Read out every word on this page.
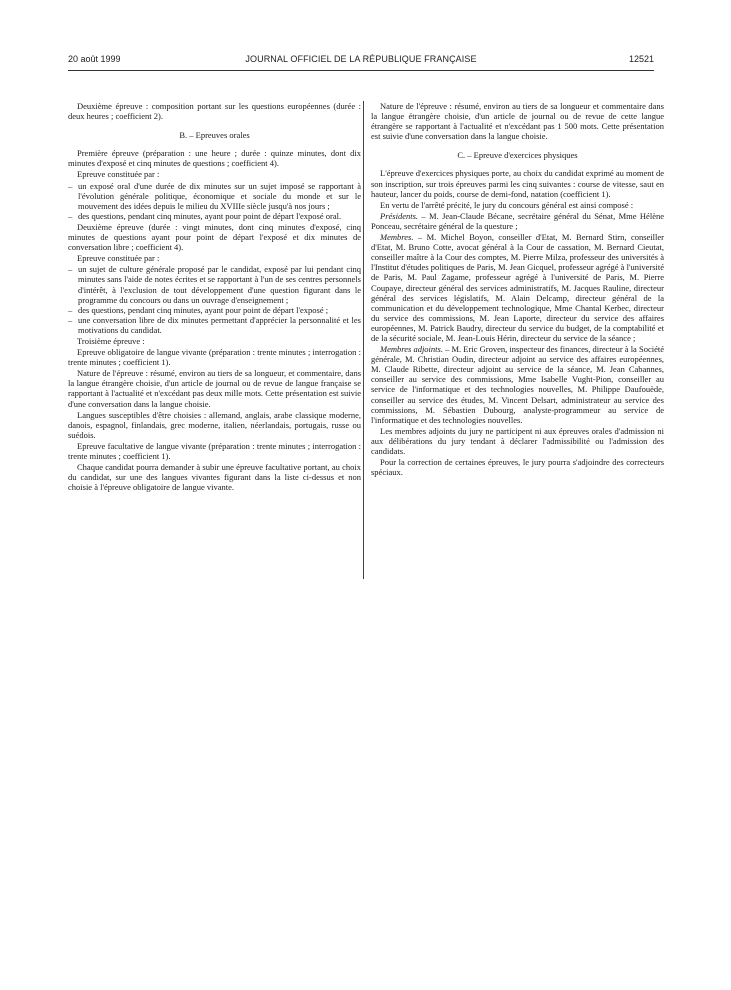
20 août 1999	JOURNAL OFFICIEL DE LA RÉPUBLIQUE FRANÇAISE	12521

Deuxième épreuve : composition portant sur les questions européennes (durée : deux heures ; coefficient 2).

B. – Epreuves orales

Première épreuve (préparation : une heure ; durée : quinze minutes, dont dix minutes d'exposé et cinq minutes de questions ; coefficient 4).

Epreuve constituée par :

– un exposé oral d'une durée de dix minutes sur un sujet imposé se rapportant à l'évolution générale politique, économique et sociale du monde et sur le mouvement des idées depuis le milieu du XVIIIe siècle jusqu'à nos jours ;
– des questions, pendant cinq minutes, ayant pour point de départ l'exposé oral.

Deuxième épreuve (durée : vingt minutes, dont cinq minutes d'exposé, cinq minutes de questions ayant pour point de départ l'exposé et dix minutes de conversation libre ; coefficient 4).

Epreuve constituée par :

– un sujet de culture générale proposé par le candidat, exposé par lui pendant cinq minutes sans l'aide de notes écrites et se rapportant à l'un de ses centres personnels d'intérêt, à l'exclusion de tout développement d'une question figurant dans le programme du concours ou dans un ouvrage d'enseignement ;
– des questions, pendant cinq minutes, ayant pour point de départ l'exposé ;
– une conversation libre de dix minutes permettant d'apprécier la personnalité et les motivations du candidat.

Troisième épreuve :

Epreuve obligatoire de langue vivante (préparation : trente minutes ; interrogation : trente minutes ; coefficient 1).

Nature de l'épreuve : résumé, environ au tiers de sa longueur, et commentaire, dans la langue étrangère choisie, d'un article de journal ou de revue de langue française se rapportant à l'actualité et n'excédant pas deux mille mots. Cette présentation est suivie d'une conversation dans la langue choisie.

Langues susceptibles d'être choisies : allemand, anglais, arabe classique moderne, danois, espagnol, finlandais, grec moderne, italien, néerlandais, portugais, russe ou suédois.

Epreuve facultative de langue vivante (préparation : trente minutes ; interrogation : trente minutes ; coefficient 1).

Chaque candidat pourra demander à subir une épreuve facultative portant, au choix du candidat, sur une des langues vivantes figurant dans la liste ci-dessus et non choisie à l'épreuve obligatoire de langue vivante.

Nature de l'épreuve : résumé, environ au tiers de sa longueur et commentaire dans la langue étrangère choisie, d'un article de journal ou de revue de cette langue étrangère se rapportant à l'actualité et n'excédant pas 1 500 mots. Cette présentation est suivie d'une conversation dans la langue choisie.

C. – Epreuve d'exercices physiques

L'épreuve d'exercices physiques porte, au choix du candidat exprimé au moment de son inscription, sur trois épreuves parmi les cinq suivantes : course de vitesse, saut en hauteur, lancer du poids, course de demi-fond, natation (coefficient 1).

En vertu de l'arrêté précité, le jury du concours général est ainsi composé :

Présidents. – M. Jean-Claude Bécane, secrétaire général du Sénat, Mme Hélène Ponceau, secrétaire général de la questure ;

Membres. – M. Michel Boyon, conseiller d'Etat, M. Bernard Stirn, conseiller d'Etat, M. Bruno Cotte, avocat général à la Cour de cassation, M. Bernard Cieutat, conseiller maître à la Cour des comptes, M. Pierre Milza, professeur des universités à l'Institut d'études politiques de Paris, M. Jean Gicquel, professeur agrégé à l'université de Paris, M. Paul Zagame, professeur agrégé à l'université de Paris, M. Pierre Coupaye, directeur général des services administratifs, M. Jacques Rauline, directeur général des services législatifs, M. Alain Delcamp, directeur général de la communication et du développement technologique, Mme Chantal Kerbec, directeur du service des commissions, M. Jean Laporte, directeur du service des affaires européennes, M. Patrick Baudry, directeur du service du budget, de la comptabilité et de la sécurité sociale, M. Jean-Louis Hérin, directeur du service de la séance ;

Membres adjoints. – M. Eric Groven, inspecteur des finances, directeur à la Société générale, M. Christian Oudin, directeur adjoint au service des affaires européennes, M. Claude Ribette, directeur adjoint au service de la séance, M. Jean Cabannes, conseiller au service des commissions, Mme Isabelle Vught-Pion, conseiller au service de l'informatique et des technologies nouvelles, M. Philippe Daufouède, conseiller au service des études, M. Vincent Delsart, administrateur au service des commissions, M. Sébastien Dubourg, analyste-programmeur au service de l'informatique et des technologies nouvelles.

Les membres adjoints du jury ne participent ni aux épreuves orales d'admission ni aux délibérations du jury tendant à déclarer l'admissibilité ou l'admission des candidats.

Pour la correction de certaines épreuves, le jury pourra s'adjoindre des correcteurs spéciaux.
